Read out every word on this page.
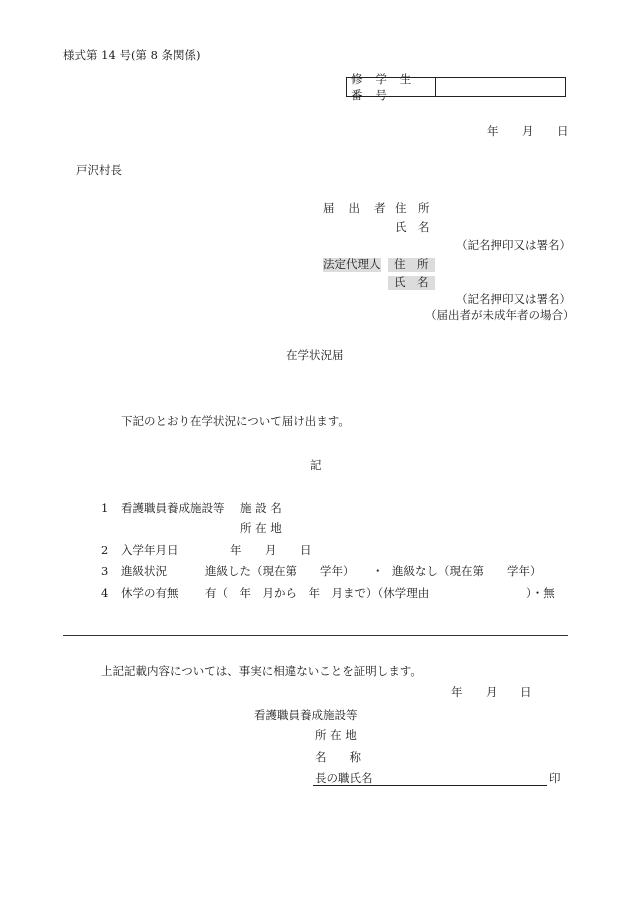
様式第 14 号(第 8 条関係)
修 学 生 番 号
年 月 日
戸沢村長
届 出 者 住　所
氏　名
（記名押印又は署名）
法定代理人	住　所
氏　名
（記名押印又は署名）
（届出者が未成年者の場合）
在学状況届
下記のとおり在学状況について届け出ます。
記
1 看護職員養成施設等 施 設 名
所 在 地
2 入学年月日	年 月 日
3 進級状況	進級した（現在第　　学年） ・ 進級なし（現在第　　学年）
4 休学の有無 有（　年　月から　年　月まで）（休学理由	）・無
上記記載内容については、事実に相違ないことを証明します。
年 月 日
看護職員養成施設等
所 在 地
名　　称
長の職氏名	印
